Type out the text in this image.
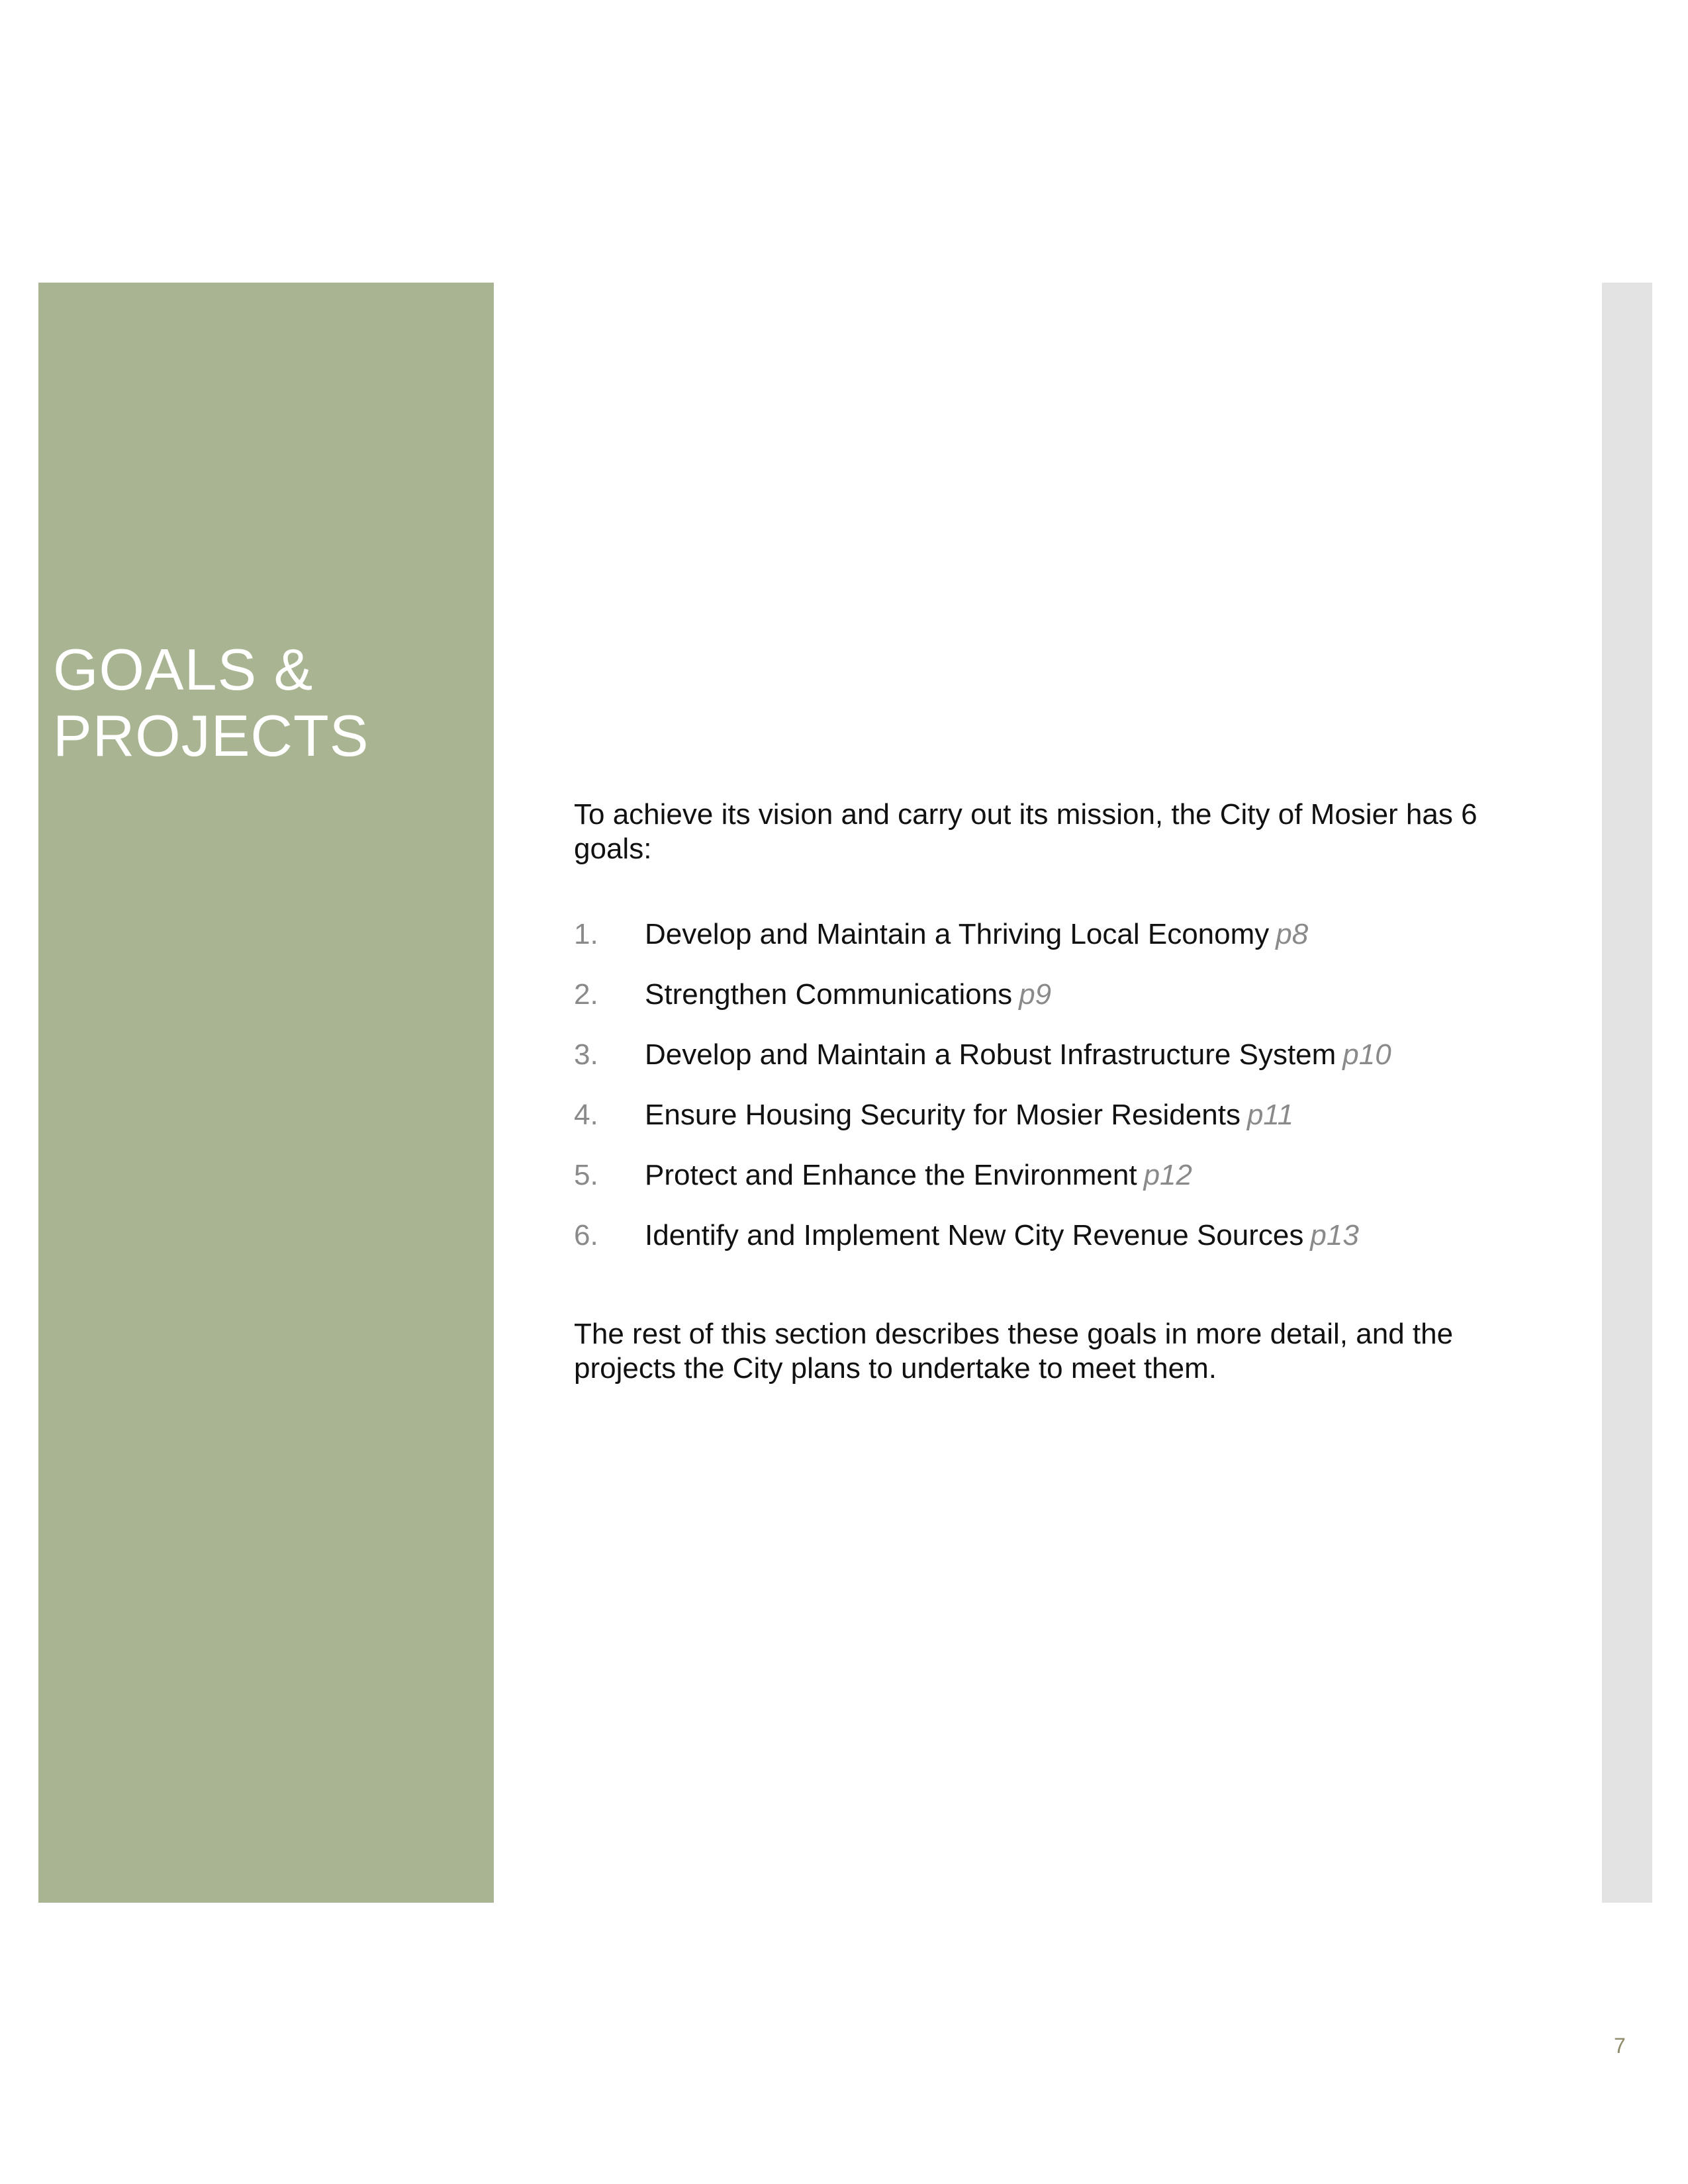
GOALS &
PROJECTS

To achieve its vision and carry out its mission, the City of Mosier has 6 goals:

1.	Develop and Maintain a Thriving Local Economy p8
2.	Strengthen Communications p9
3.	Develop and Maintain a Robust Infrastructure System p10
4.	Ensure Housing Security for Mosier Residents p11
5.	Protect and Enhance the Environment p12
6.	Identify and Implement New City Revenue Sources p13

The rest of this section describes these goals in more detail, and the projects the City plans to undertake to meet them.

7
